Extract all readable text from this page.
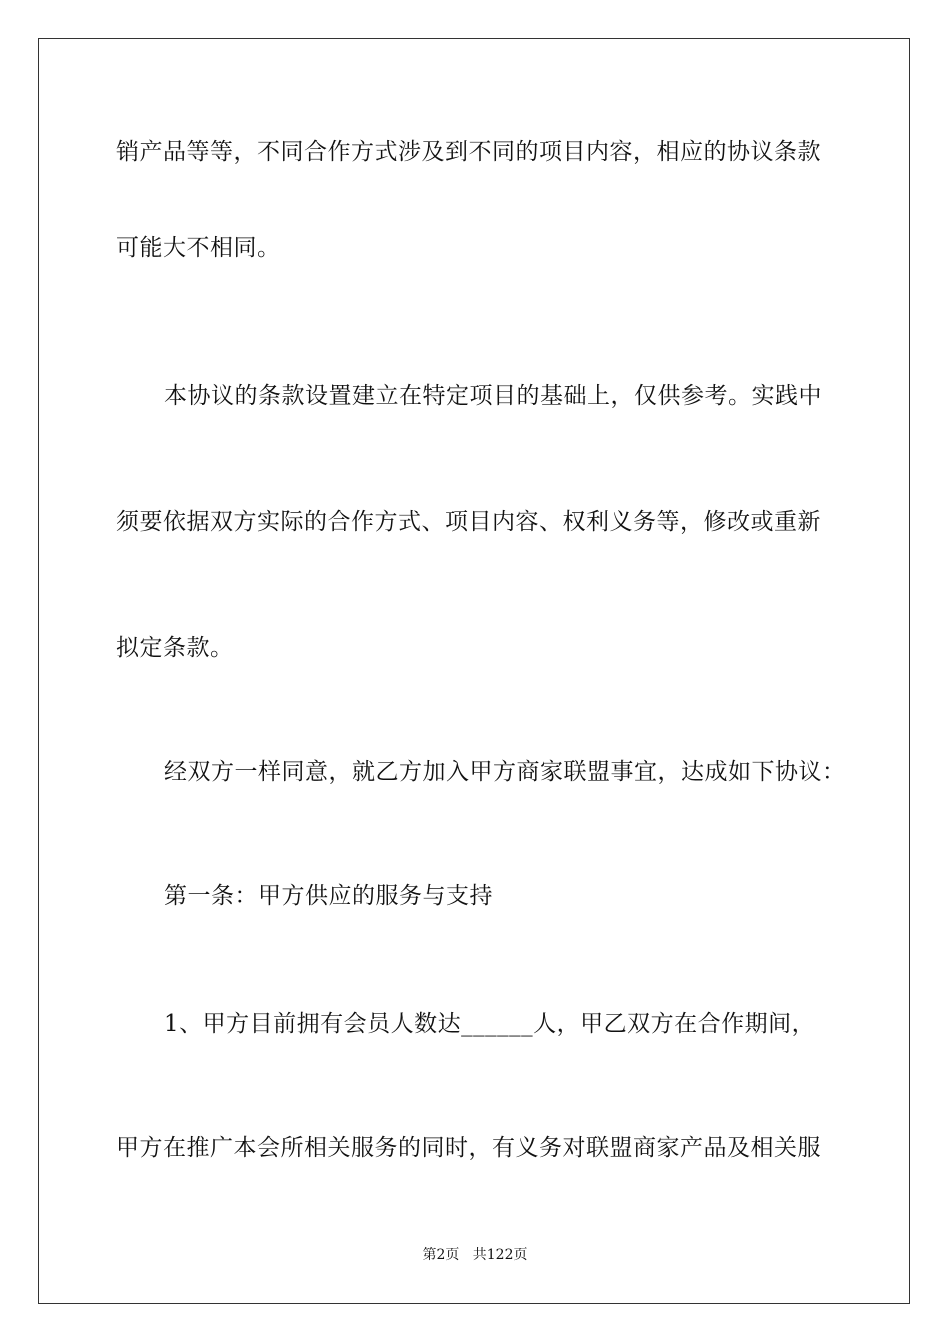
销产品等等，不同合作方式涉及到不同的项目内容，相应的协议条款
可能大不相同。
本协议的条款设置建立在特定项目的基础上，仅供参考。实践中
须要依据双方实际的合作方式、项目内容、权利义务等，修改或重新
拟定条款。
经双方一样同意，就乙方加入甲方商家联盟事宜，达成如下协议：
第一条：甲方供应的服务与支持
1、甲方目前拥有会员人数达______人，甲乙双方在合作期间，
甲方在推广本会所相关服务的同时，有义务对联盟商家产品及相关服
第2页 共122页
